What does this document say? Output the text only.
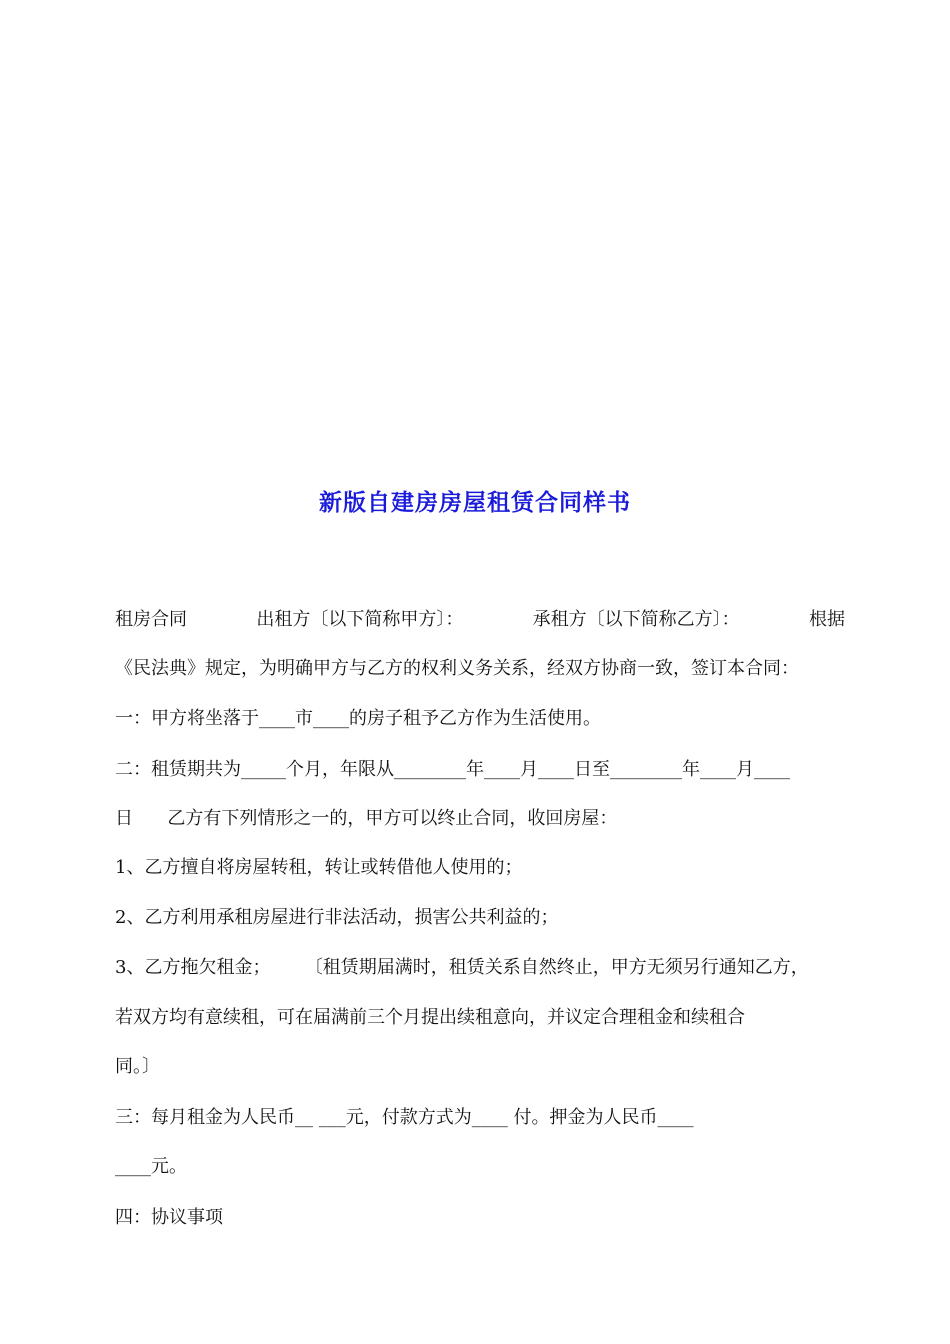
新版自建房房屋租赁合同样书
租房合同	出租方〔以下简称甲方〕：	承租方〔以下简称乙方〕：	根据
《民法典》规定，为明确甲方与乙方的权利义务关系，经双方协商一致，签订本合同：
一：甲方将坐落于____市____的房子租予乙方作为生活使用。
二：租赁期共为_____个月，年限从________年____月____日至________年____月____
日      乙方有下列情形之一的，甲方可以终止合同，收回房屋：
1、乙方擅自将房屋转租，转让或转借他人使用的；
2、乙方利用承租房屋进行非法活动，损害公共利益的；
3、乙方拖欠租金；      〔租赁期届满时，租赁关系自然终止，甲方无须另行通知乙方，
若双方均有意续租，可在届满前三个月提出续租意向，并议定合理租金和续租合
同。〕
三：每月租金为人民币__ ___元，付款方式为____ 付。押金为人民币____
____元。
四：协议事项
